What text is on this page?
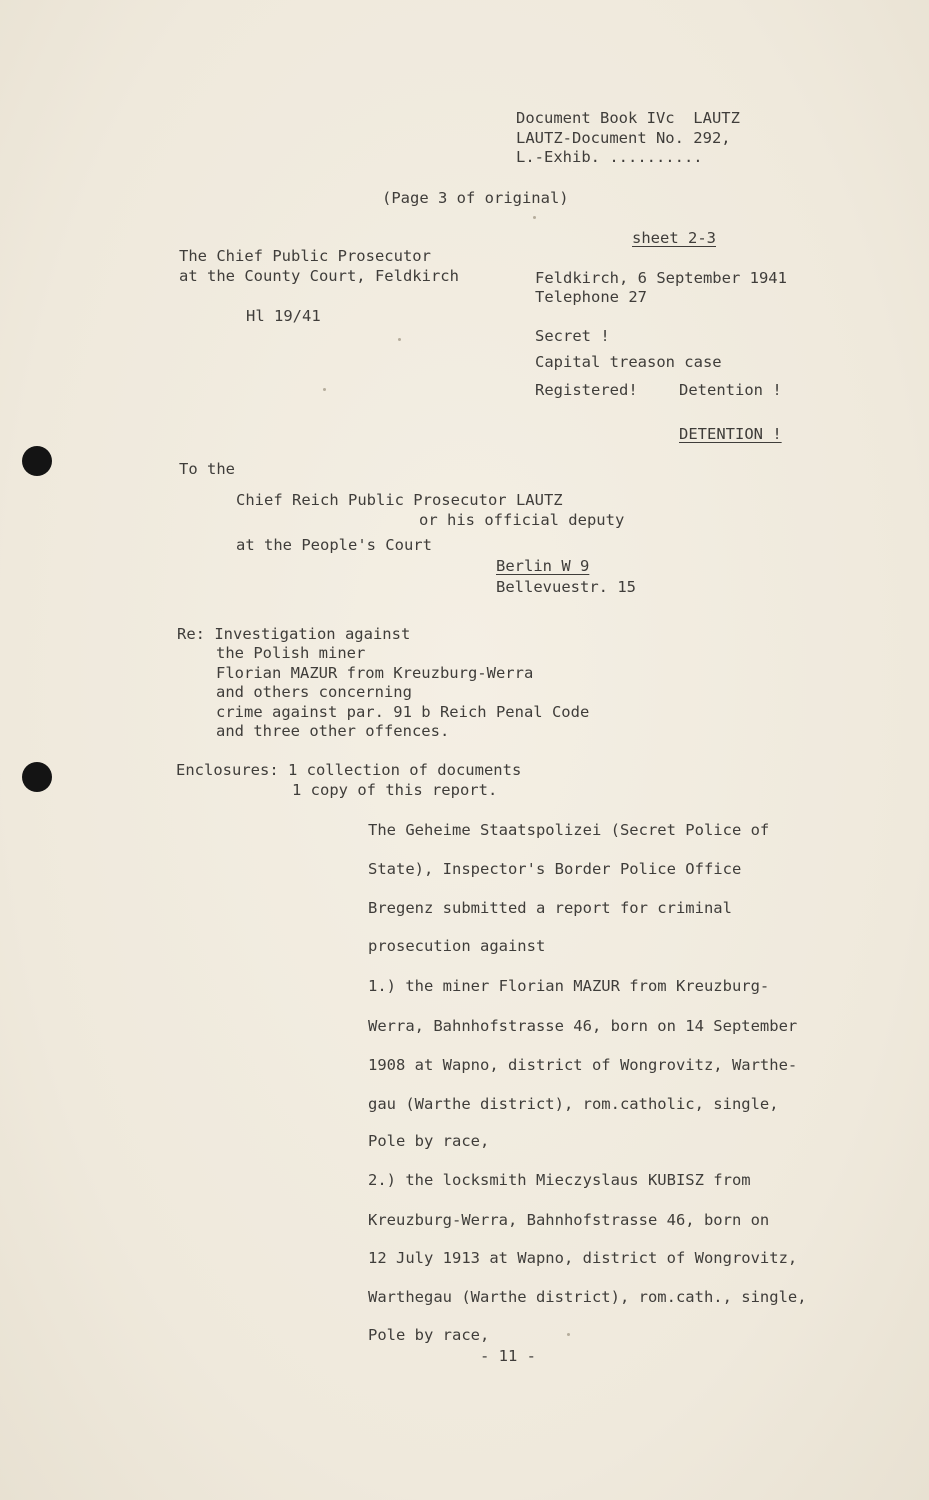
Document Book IVc  LAUTZ
LAUTZ-Document No. 292,
L.-Exhib. ..........
(Page 3 of original)
sheet 2-3
The Chief Public Prosecutor
at the County Court, Feldkirch
Hl 19/41
Feldkirch, 6 September 1941
Telephone 27
Secret !
Capital treason case
Registered!	Detention !
DETENTION !
To the
Chief Reich Public Prosecutor LAUTZ
or his official deputy
at the People's Court
Berlin W 9
Bellevuestr. 15
Re: Investigation against
the Polish miner
Florian MAZUR from Kreuzburg-Werra
and others concerning
crime against par. 91 b Reich Penal Code
and three other offences.
Enclosures: 1 collection of documents
1 copy of this report.
The Geheime Staatspolizei (Secret Police of
State), Inspector's Border Police Office
Bregenz submitted a report for criminal
prosecution against
1.) the miner Florian MAZUR from Kreuzburg-
Werra, Bahnhofstrasse 46, born on 14 September
1908 at Wapno, district of Wongrovitz, Warthe-
gau (Warthe district), rom.catholic, single,
Pole by race,
2.) the locksmith Mieczyslaus KUBISZ from
Kreuzburg-Werra, Bahnhofstrasse 46, born on
12 July 1913 at Wapno, district of Wongrovitz,
Warthegau (Warthe district), rom.cath., single,
Pole by race,
- 11 -
